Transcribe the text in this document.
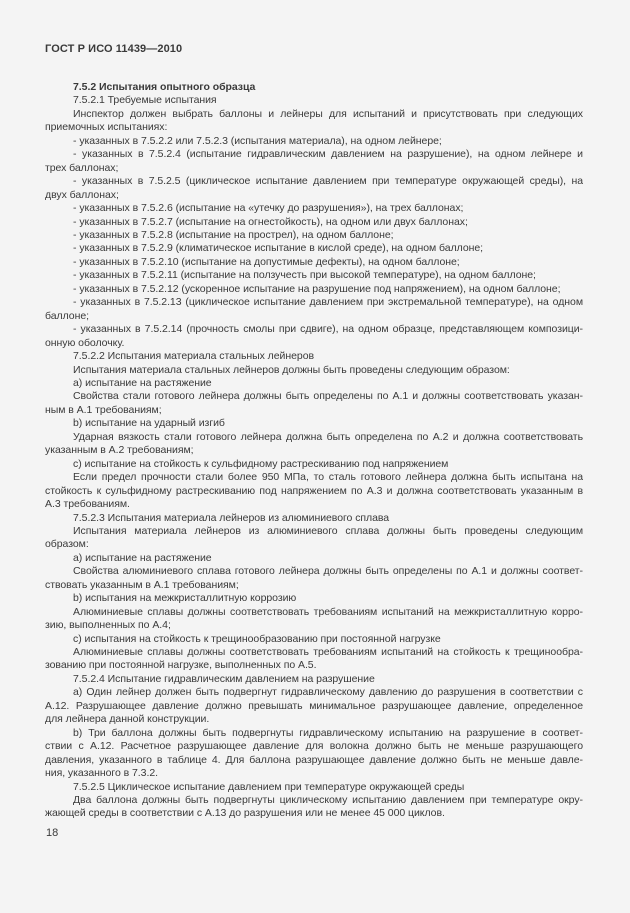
ГОСТ Р ИСО 11439—2010
7.5.2 Испытания опытного образца
7.5.2.1 Требуемые испытания
Инспектор должен выбрать баллоны и лейнеры для испытаний и присутствовать при следующих
приемочных испытаниях:
- указанных в 7.5.2.2 или 7.5.2.3 (испытания материала), на одном лейнере;
- указанных в 7.5.2.4 (испытание гидравлическим давлением на разрушение), на одном лейнере и
трех баллонах;
- указанных в 7.5.2.5 (циклическое испытание давлением при температуре окружающей среды), на
двух баллонах;
- указанных в 7.5.2.6 (испытание на «утечку до разрушения»), на трех баллонах;
- указанных в 7.5.2.7 (испытание на огнестойкость), на одном или двух баллонах;
- указанных в 7.5.2.8 (испытание на прострел), на одном баллоне;
- указанных в 7.5.2.9 (климатическое испытание в кислой среде), на одном баллоне;
- указанных в 7.5.2.10 (испытание на допустимые дефекты), на одном баллоне;
- указанных в 7.5.2.11 (испытание на ползучесть при высокой температуре), на одном баллоне;
- указанных в 7.5.2.12 (ускоренное испытание на разрушение под напряжением), на одном баллоне;
- указанных в 7.5.2.13 (циклическое испытание давлением при экстремальной температуре), на одном
баллоне;
- указанных в 7.5.2.14 (прочность смолы при сдвиге), на одном образце, представляющем композици-
онную оболочку.
7.5.2.2 Испытания материала стальных лейнеров
Испытания материала стальных лейнеров должны быть проведены следующим образом:
a) испытание на растяжение
Свойства стали готового лейнера должны быть определены по А.1 и должны соответствовать указан-
ным в А.1 требованиям;
b) испытание на ударный изгиб
Ударная вязкость стали готового лейнера должна быть определена по А.2 и должна соответствовать
указанным в А.2 требованиям;
c) испытание на стойкость к сульфидному растрескиванию под напряжением
Если предел прочности стали более 950 МПа, то сталь готового лейнера должна быть испытана на
стойкость к сульфидному растрескиванию под напряжением по А.3 и должна соответствовать указанным в
А.3 требованиям.
7.5.2.3 Испытания материала лейнеров из алюминиевого сплава
Испытания материала лейнеров из алюминиевого сплава должны быть проведены следующим
образом:
a) испытание на растяжение
Свойства алюминиевого сплава готового лейнера должны быть определены по А.1 и должны соответ-
ствовать указанным в А.1 требованиям;
b) испытания на межкристаллитную коррозию
Алюминиевые сплавы должны соответствовать требованиям испытаний на межкристаллитную корро-
зию, выполненных по А.4;
c) испытания на стойкость к трещинообразованию при постоянной нагрузке
Алюминиевые сплавы должны соответствовать требованиям испытаний на стойкость к трещинообра-
зованию при постоянной нагрузке, выполненных по А.5.
7.5.2.4 Испытание гидравлическим давлением на разрушение
a) Один лейнер должен быть подвергнут гидравлическому давлению до разрушения в соответствии с
А.12. Разрушающее давление должно превышать минимальное разрушающее давление, определенное
для лейнера данной конструкции.
b) Три баллона должны быть подвергнуты гидравлическому испытанию на разрушение в соответ-
ствии с А.12. Расчетное разрушающее давление для волокна должно быть не меньше разрушающего
давления, указанного в таблице 4. Для баллона разрушающее давление должно быть не меньше давле-
ния, указанного в 7.3.2.
7.5.2.5 Циклическое испытание давлением при температуре окружающей среды
Два баллона должны быть подвергнуты циклическому испытанию давлением при температуре окру-
жающей среды в соответствии с А.13 до разрушения или не менее 45 000 циклов.
18
